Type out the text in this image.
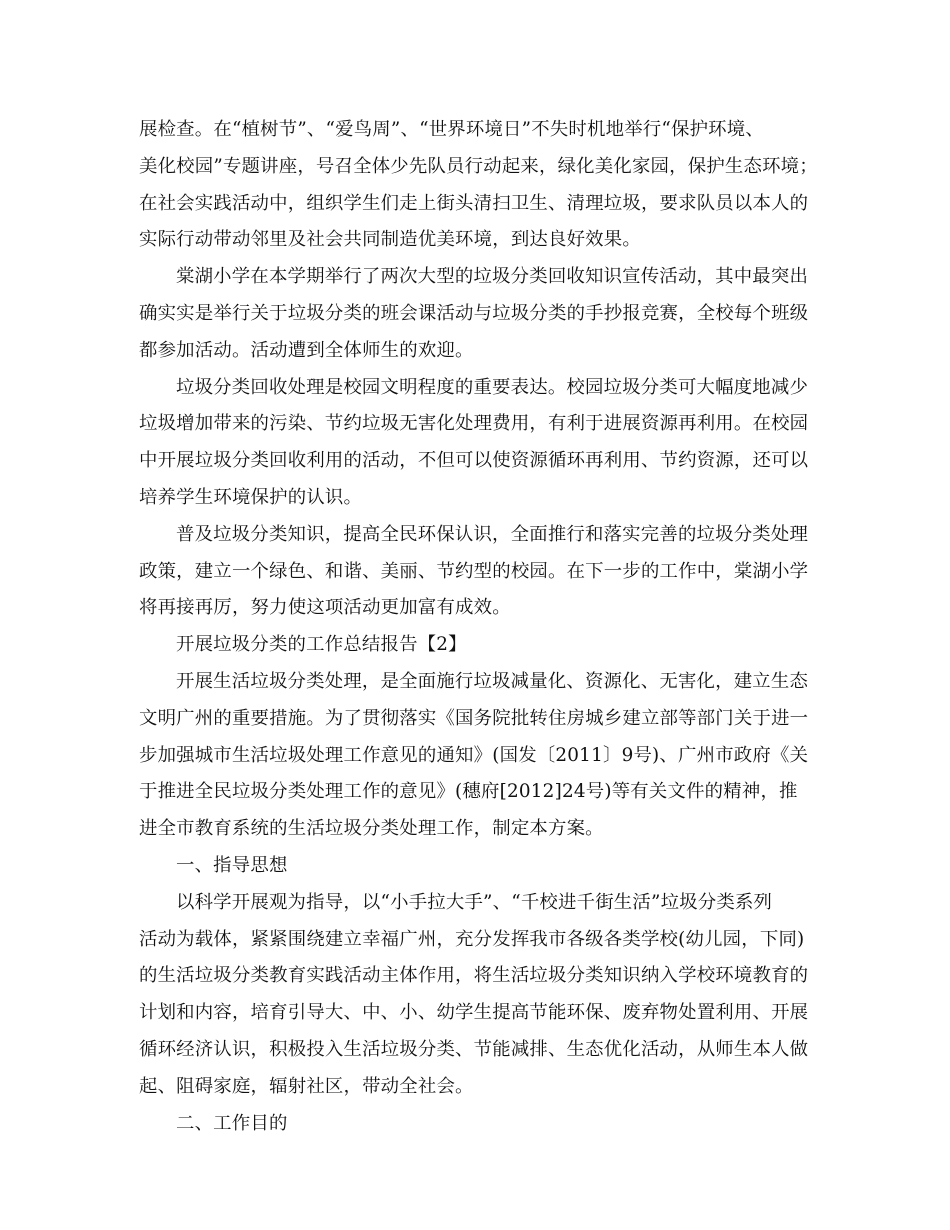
展检查。在“植树节”、“爱鸟周”、“世界环境日”不失时机地举行“保护环境、
美化校园”专题讲座，号召全体少先队员行动起来，绿化美化家园，保护生态环境；
在社会实践活动中，组织学生们走上街头清扫卫生、清理垃圾，要求队员以本人的
实际行动带动邻里及社会共同制造优美环境，到达良好效果。
棠湖小学在本学期举行了两次大型的垃圾分类回收知识宣传活动，其中最突出
确实实是举行关于垃圾分类的班会课活动与垃圾分类的手抄报竞赛，全校每个班级
都参加活动。活动遭到全体师生的欢迎。
垃圾分类回收处理是校园文明程度的重要表达。校园垃圾分类可大幅度地减少
垃圾增加带来的污染、节约垃圾无害化处理费用，有利于进展资源再利用。在校园
中开展垃圾分类回收利用的活动，不但可以使资源循环再利用、节约资源，还可以
培养学生环境保护的认识。
普及垃圾分类知识，提高全民环保认识，全面推行和落实完善的垃圾分类处理
政策，建立一个绿色、和谐、美丽、节约型的校园。在下一步的工作中，棠湖小学
将再接再厉，努力使这项活动更加富有成效。
开展垃圾分类的工作总结报告【2】
开展生活垃圾分类处理，是全面施行垃圾减量化、资源化、无害化，建立生态
文明广州的重要措施。为了贯彻落实《国务院批转住房城乡建立部等部门关于进一
步加强城市生活垃圾处理工作意见的通知》(国发〔2011〕9号)、广州市政府《关
于推进全民垃圾分类处理工作的意见》(穗府[2012]24号)等有关文件的精神，推
进全市教育系统的生活垃圾分类处理工作，制定本方案。
一、指导思想
以科学开展观为指导，以“小手拉大手”、“千校进千街生活”垃圾分类系列
活动为载体，紧紧围绕建立幸福广州，充分发挥我市各级各类学校(幼儿园，下同)
的生活垃圾分类教育实践活动主体作用，将生活垃圾分类知识纳入学校环境教育的
计划和内容，培育引导大、中、小、幼学生提高节能环保、废弃物处置利用、开展
循环经济认识，积极投入生活垃圾分类、节能减排、生态优化活动，从师生本人做
起、阻碍家庭，辐射社区，带动全社会。
二、工作目的
